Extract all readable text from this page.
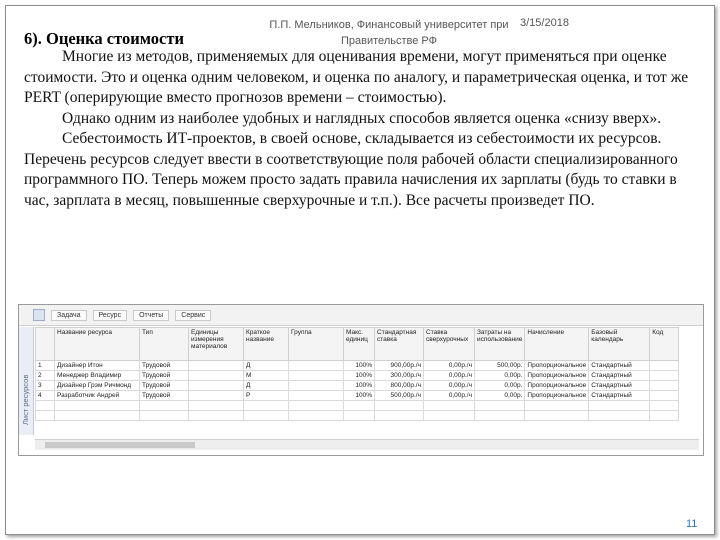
П.П. Мельников, Финансовый университет при Правительстве РФ
3/15/2018
6). Оценка стоимости

Многие из методов, применяемых для оценивания времени, могут применяться при оценке стоимости. Это и оценка одним человеком, и оценка по аналогу, и параметрическая оценка, и тот же PERT (оперирующие вместо прогнозов времени – стоимостью).

Однако одним из наиболее удобных и наглядных способов является оценка «снизу вверх».

Себестоимость ИТ-проектов, в своей основе, складывается из себестоимости их ресурсов. Перечень ресурсов следует ввести в соответствующие поля рабочей области специализированного программного ПО. Теперь можем просто задать правила начисления их зарплаты (будь то ставки в час, зарплата в месяц, повышенные сверхурочные и т.п.). Все расчеты произведет ПО.

Задача	Ресурс	Отчеты	Сервис
Лист ресурсов
	Название ресурса	Тип	Единицы измерения материалов	Краткое название	Группа	Макс. единиц	Стандартная ставка	Ставка сверхурочных	Затраты на использование	Начисление	Базовый календарь	Код
1	Дизайнер Итон	Трудовой		Д		100%	900,00р./ч	0,00р./ч	500,00р.	Пропорциональное	Стандартный	
2	Менеджер Владимир	Трудовой		М		100%	300,00р./ч	0,00р./ч	0,00р.	Пропорциональное	Стандартный	
3	Дизайнер Грэм Ричмонд	Трудовой		Д		100%	800,00р./ч	0,00р./ч	0,00р.	Пропорциональное	Стандартный	
4	Разработчик Андрей	Трудовой		Р		100%	500,00р./ч	0,00р./ч	0,00р.	Пропорциональное	Стандартный	

11
